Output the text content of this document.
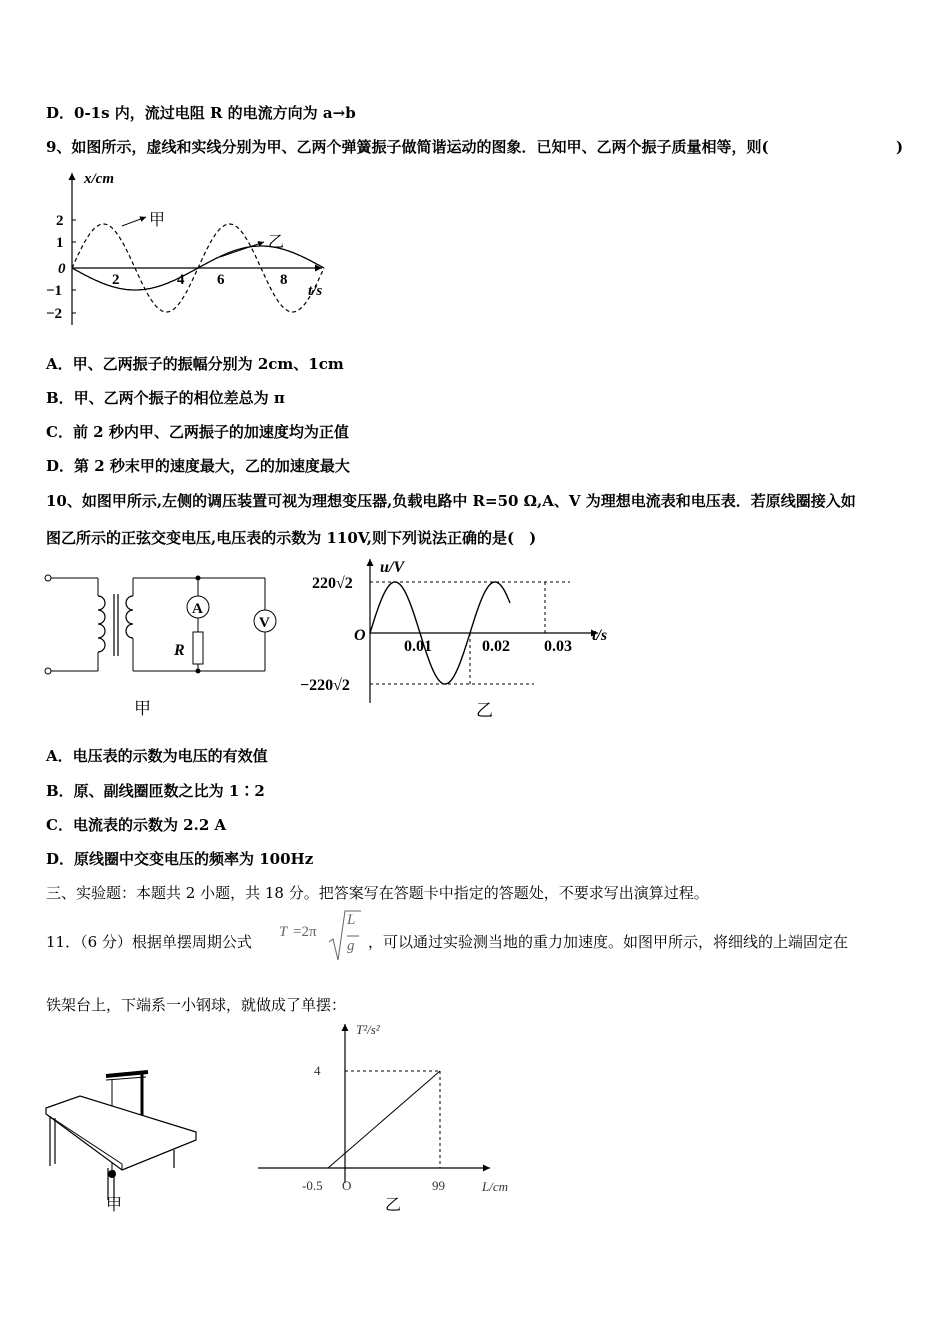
D．0-1s 内，流过电阻 R 的电流方向为 a→b
9、如图所示，虚线和实线分别为甲、乙两个弹簧振子做简谐运动的图象．已知甲、乙两个振子质量相等，则(	)
x/cm
t/s
2
1
0
−1
−2
2	4 6	8
甲
乙
A．甲、乙两振子的振幅分别为 2cm、1cm
B．甲、乙两个振子的相位差总为 π
C．前 2 秒内甲、乙两振子的加速度均为正值
D．第 2 秒末甲的速度最大，乙的加速度最大
10、如图甲所示,左侧的调压装置可视为理想变压器,负载电路中 R=50 Ω,A、V 为理想电流表和电压表．若原线圈接入如
图乙所示的正弦交变电压,电压表的示数为 110V,则下列说法正确的是(　)
V
A
R
甲
u/V
t/s
220√2
−220√2
O
0.01	0.02 0.03
乙
A．电压表的示数为电压的有效值
B．原、副线圈匝数之比为 1∶2
C．电流表的示数为 2.2 A
D．原线圈中交变电压的频率为 100Hz
三、实验题：本题共 2 小题，共 18 分。把答案写在答题卡中指定的答题处，不要求写出演算过程。
11．（6 分）根据单摆周期公式
T =2π
L
g ，可以通过实验测当地的重力加速度。如图甲所示，将细线的上端固定在
铁架台上，下端系一小钢球，就做成了单摆：
甲
T²/s²
L/cm
4
-0.5 O	99
乙
